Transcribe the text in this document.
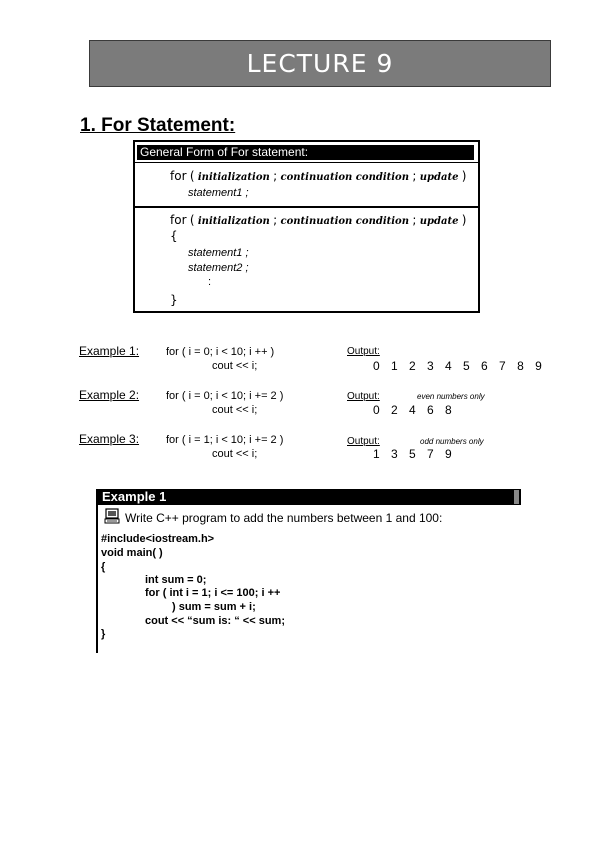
LECTURE 9
1. For Statement:
General Form of For statement:
for ( initialization ; continuation condition ; update )
statement1 ;
for ( initialization ; continuation condition ; update )
{
statement1 ;
statement2 ;
:
}
Example 1: for ( i = 0; i < 10; i ++ )
cout << i;
Output:
0 1 2 3 4 5 6 7 8 9
Example 2: for ( i = 0; i < 10; i += 2 )
cout << i;
Output:	even numbers only
0 2 4 6 8
Example 3: for ( i = 1; i < 10; i += 2 )
cout << i;
Output:	odd numbers only
1 3 5 7 9
Example 1
Write C++ program to add the numbers between 1 and 100:
#include<iostream.h>
void main( )
{
int sum = 0;
for ( int i = 1; i <= 100; i ++
) sum = sum + i;
cout << “sum is: “ << sum;
}
